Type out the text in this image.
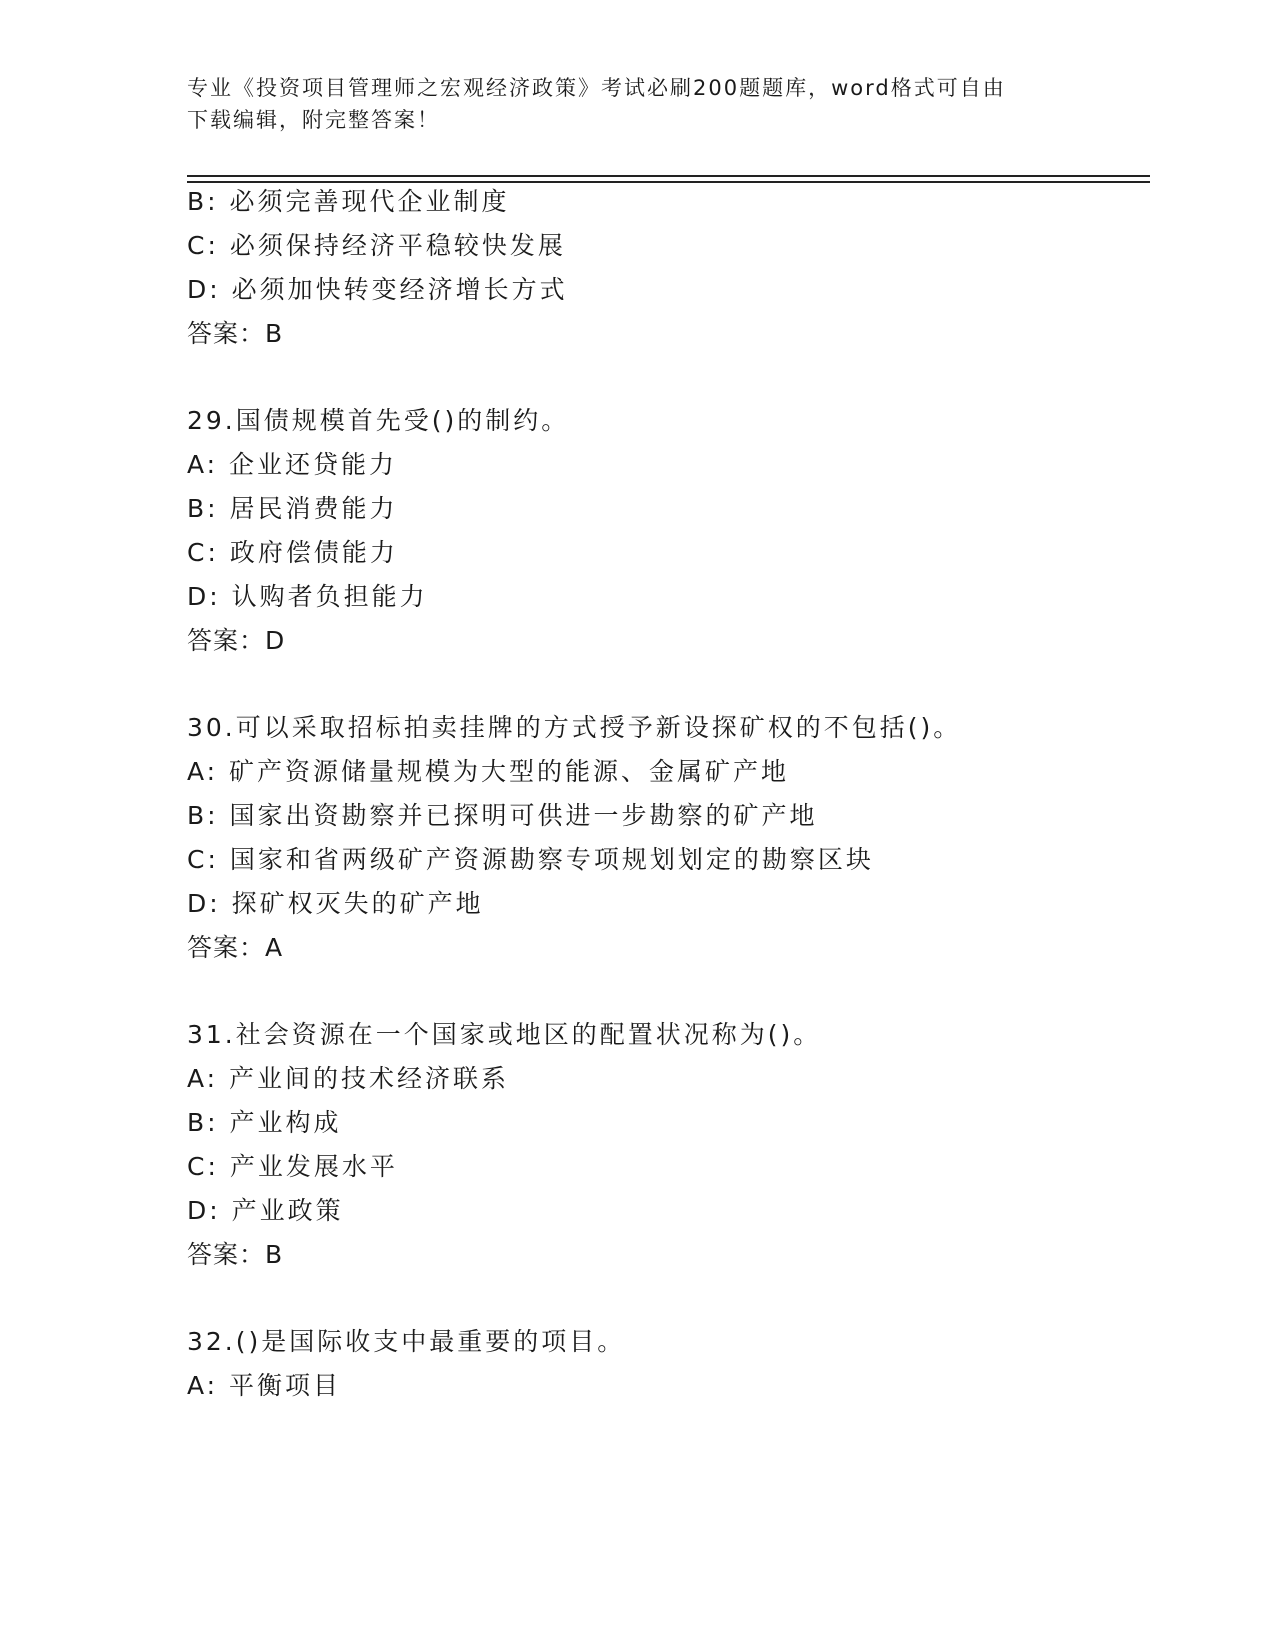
专业《投资项目管理师之宏观经济政策》考试必刷200题题库，word格式可自由
下载编辑，附完整答案！
B: 必须完善现代企业制度
C: 必须保持经济平稳较快发展
D: 必须加快转变经济增长方式
答案：B
29.国债规模首先受()的制约。
A: 企业还贷能力
B: 居民消费能力
C: 政府偿债能力
D: 认购者负担能力
答案：D
30.可以采取招标拍卖挂牌的方式授予新设探矿权的不包括()。
A: 矿产资源储量规模为大型的能源、金属矿产地
B: 国家出资勘察并已探明可供进一步勘察的矿产地
C: 国家和省两级矿产资源勘察专项规划划定的勘察区块
D: 探矿权灭失的矿产地
答案：A
31.社会资源在一个国家或地区的配置状况称为()。
A: 产业间的技术经济联系
B: 产业构成
C: 产业发展水平
D: 产业政策
答案：B
32.()是国际收支中最重要的项目。
A: 平衡项目
